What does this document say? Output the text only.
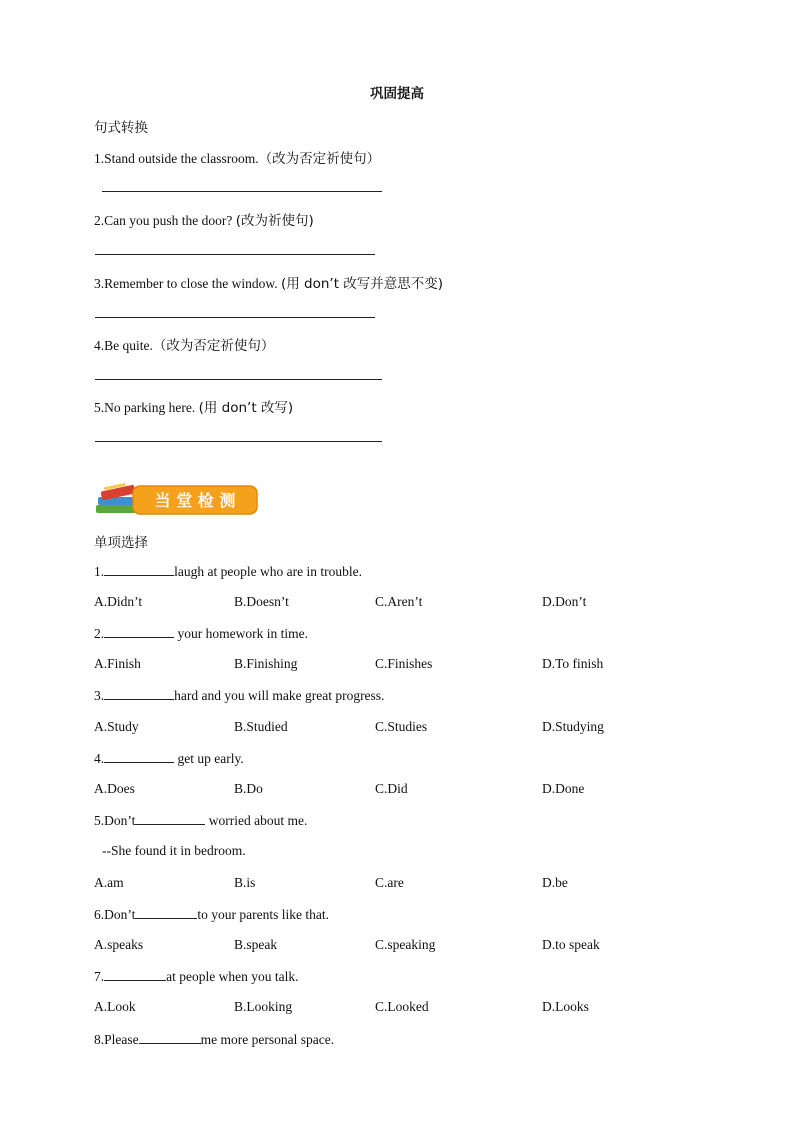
巩固提高
句式转换
1.Stand outside the classroom.（改为否定祈使句）
2.Can you push the door? (改为祈使句)
3.Remember to close the window. (用 don’t 改写并意思不变)
4.Be quite.（改为否定祈使句）
5.No parking here. (用 don’t 改写)
当 堂 检 测
单项选择
1.	laugh at people who are in trouble.
A.Didn’t	B.Doesn’t	C.Aren’t	D.Don’t
2.	your homework in time.
A.Finish	B.Finishing	C.Finishes	D.To finish
3.	hard and you will make great progress.
A.Study	B.Studied	C.Studies	D.Studying
4.	get up early.
A.Does	B.Do	C.Did	D.Done
5.Don’t	worried about me.
--She found it in bedroom.
A.am	B.is	C.are	D.be
6.Don’t	to your parents like that.
A.speaks	B.speak	C.speaking	D.to speak
7.	at people when you talk.
A.Look	B.Looking	C.Looked	D.Looks
8.Please	me more personal space.
